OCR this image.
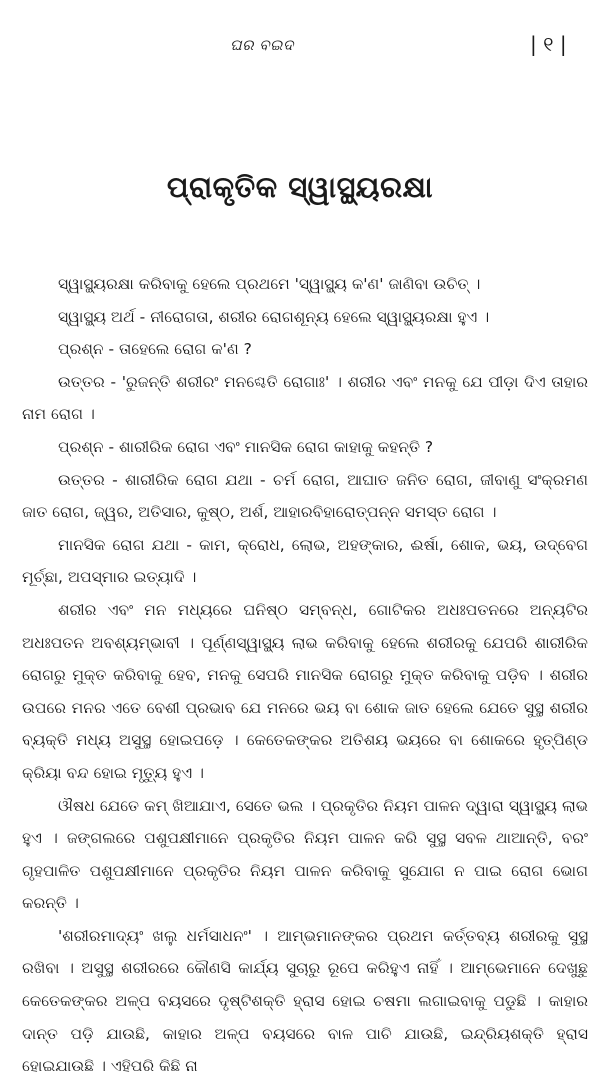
ଘର ବଇଦ	| ୧ |
ପ୍ରାକୃତିକ ସ୍ୱାସ୍ଥ୍ୟରକ୍ଷା

ସ୍ୱାସ୍ଥ୍ୟରକ୍ଷା କରିବାକୁ ହେଲେ ପ୍ରଥମେ 'ସ୍ୱାସ୍ଥ୍ୟ କ'ଣ' ଜାଣିବା ଉଚିତ୍ ।

ସ୍ୱାସ୍ଥ୍ୟ ଅର୍ଥ - ନୀରୋଗତା, ଶରୀର ରୋଗଶୂନ୍ୟ ହେଲେ ସ୍ୱାସ୍ଥ୍ୟରକ୍ଷା ହୁଏ ।

ପ୍ରଶ୍ନ - ତାହେଲେ ରୋଗ କ'ଣ ?

ଉତ୍ତର - 'ରୁଜନ୍ତି ଶରୀରଂ ମନଶ୍ଚେତି ରୋଗାଃ' । ଶରୀର ଏବଂ ମନକୁ ଯେ ପୀଡ଼ା ଦିଏ ତାହାର ନାମ ରୋଗ ।

ପ୍ରଶ୍ନ - ଶାରୀରିକ ରୋଗ ଏବଂ ମାନସିକ ରୋଗ କାହାକୁ କହନ୍ତି ?

ଉତ୍ତର - ଶାରୀରିକ ରୋଗ ଯଥା - ଚର୍ମ ରୋଗ, ଆଘାତ ଜନିତ ରୋଗ, ଜୀବାଣୁ ସଂକ୍ରମଣ ଜାତ ରୋଗ, ଜ୍ୱର, ଅତିସାର, କୁଷ୍ଠ, ଅର୍ଶ, ଆହାରବିହାରୋତ୍ପନ୍ନ ସମସ୍ତ ରୋଗ ।

ମାନସିକ ରୋଗ ଯଥା - କାମ, କ୍ରୋଧ, ଲୋଭ, ଅହଙ୍କାର, ଈର୍ଷା, ଶୋକ, ଭୟ, ଉଦ୍‌ବେଗ ମୂର୍ଚ୍ଛା, ଅପସ୍ମାର ଇତ୍ୟାଦି ।

ଶରୀର ଏବଂ ମନ ମଧ୍ୟରେ ଘନିଷ୍ଠ ସମ୍ବନ୍ଧ, ଗୋଟିକର ଅଧଃପତନରେ ଅନ୍ୟଟିର ଅଧଃପତନ ଅବଶ୍ୟମ୍ଭାବୀ । ପୂର୍ଣ୍ଣସ୍ୱାସ୍ଥ୍ୟ ଲାଭ କରିବାକୁ ହେଲେ ଶରୀରକୁ ଯେପରି ଶାରୀରିକ ରୋଗରୁ ମୁକ୍ତ କରିବାକୁ ହେବ, ମନକୁ ସେପରି ମାନସିକ ରୋଗରୁ ମୁକ୍ତ କରିବାକୁ ପଡ଼ିବ । ଶରୀର ଉପରେ ମନର ଏତେ ବେଶୀ ପ୍ରଭାବ ଯେ ମନରେ ଭୟ ବା ଶୋକ ଜାତ ହେଲେ ଯେତେ ସୁସ୍ଥ ଶରୀର ବ୍ୟକ୍ତି ମଧ୍ୟ ଅସୁସ୍ଥ ହୋଇପଡ଼େ । କେତେକଙ୍କର ଅତିଶୟ ଭୟରେ ବା ଶୋକରେ ହୃତ୍‌ପିଣ୍ଡ କ୍ରିୟା ବନ୍ଦ ହୋଇ ମୃତ୍ୟୁ ହୁଏ ।

ଔଷଧ ଯେତେ କମ୍ ଖିଆଯାଏ, ସେତେ ଭଲ । ପ୍ରକୃତିର ନିୟମ ପାଳନ ଦ୍ୱାରା ସ୍ୱାସ୍ଥ୍ୟ ଲାଭ ହୁଏ । ଜଙ୍ଗଲରେ ପଶୁପକ୍ଷୀମାନେ ପ୍ରକୃତିର ନିୟମ ପାଳନ କରି ସୁସ୍ଥ ସବଳ ଥାଆନ୍ତି, ବରଂ ଗୃହପାଳିତ ପଶୁପକ୍ଷୀମାନେ ପ୍ରକୃତିର ନିୟମ ପାଳନ କରିବାକୁ ସୁଯୋଗ ନ ପାଇ ରୋଗ ଭୋଗ କରନ୍ତି ।

'ଶରୀରମାଦ୍ୟଂ ଖଲୁ ଧର୍ମସାଧନଂ' । ଆମ୍ଭମାନଙ୍କର ପ୍ରଥମ କର୍ତ୍ତବ୍ୟ ଶରୀରକୁ ସୁସ୍ଥ ରଖିବା । ଅସୁସ୍ଥ ଶରୀରରେ କୌଣସି କାର୍ଯ୍ୟ ସୁଚାରୁ ରୂପେ କରିହୁଏ ନାହିଁ । ଆମ୍ଭେମାନେ ଦେଖୁଛୁ କେତେକଙ୍କର ଅଳ୍ପ ବୟସରେ ଦୃଷ୍ଟିଶକ୍ତି ହ୍ରାସ ହୋଇ ଚଷମା ଲଗାଇବାକୁ ପଡୁଛି । କାହାର ଦାନ୍ତ ପଡ଼ି ଯାଉଛି, କାହାର ଅଳ୍ପ ବୟସରେ ବାଳ ପାଚି ଯାଉଛି, ଇନ୍ଦ୍ରିୟଶକ୍ତି ହ୍ରାସ ହୋଇଯାଉଛି । ଏହିପରି କିଛି ନା
